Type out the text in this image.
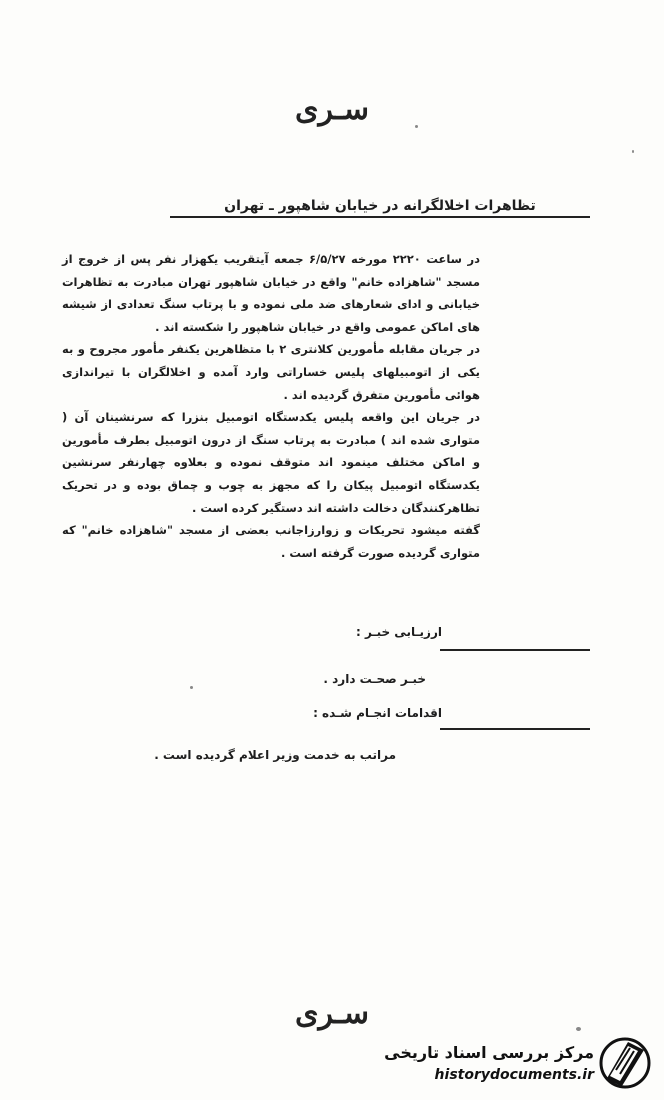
سـرى
تظاهرات اخلالگرانه در خیابان شاهپور ـ تهران

در ساعت ۲۲۲۰ مورخه ۶/۵/۲۷ جمعه آیتقریب یکهزار نفر پس از خروج از مسجد "شاهزاده خانم" واقع در خیابان شاهپور تهران مبادرت به تظاهرات خیابانی و ادای شعارهای ضد ملی نموده و با پرتاب سنگ تعدادی از شیشه های اماکن عمومی واقع در خیابان شاهپور را شکسته اند .

در جریان مقابله مأمورین کلانتری ۲ با متظاهرین یکنفر مأمور مجروح و به یکی از اتومبیلهای پلیس خساراتی وارد آمده و اخلالگران با تیراندازی هوائی مأمورین متفرق گردیده اند .

در جریان این واقعه پلیس یکدستگاه اتومبیل بنزرا که سرنشینان آن ( متواری شده اند ) مبادرت به پرتاب سنگ از درون اتومبیل بطرف مأمورین و اماکن مختلف مینمود اند متوقف نموده و بعلاوه چهارنفر سرنشین یکدستگاه اتومبیل پیکان را که مجهز به چوب و چماق بوده و در تحریک تظاهرکنندگان دخالت داشته اند دستگیر کرده است .

گفته میشود تحریکات و زوارزاجانب بعضی از مسجد "شاهزاده خانم" که متواری گردیده صورت گرفته است .

ارزیـابی خبـر :
خبـر صحـت دارد .
اقدامات انجـام شـده :
مراتب به خدمت وزیر اعلام گردیده است .
سـرى
مرکز بررسی اسناد تاریخی
historydocuments.ir
